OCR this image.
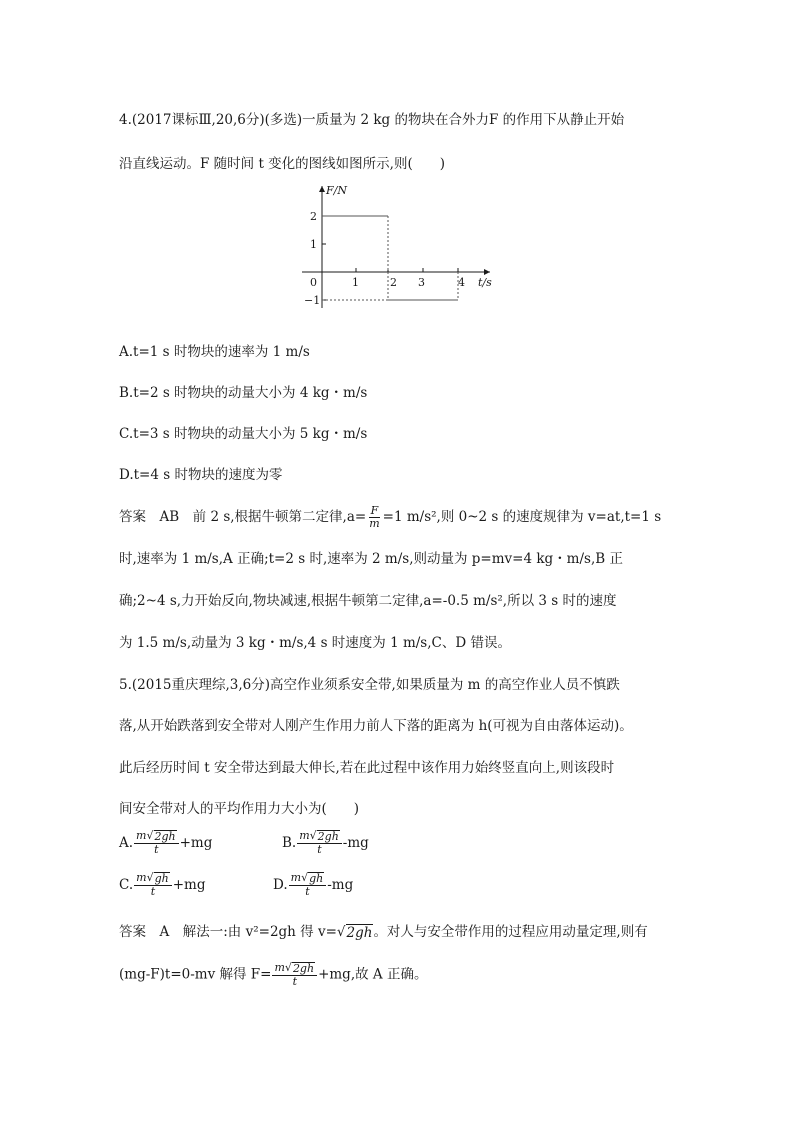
4.(2017课标Ⅲ,20,6分)(多选)一质量为 2 kg 的物块在合外力F 的作用下从静止开始
沿直线运动。F 随时间 t 变化的图线如图所示,则(　　)
F/N
t/s
2
1
−1
0	1	2 3	4
A.t=1 s 时物块的速率为 1 m/s
B.t=2 s 时物块的动量大小为 4 kg・m/s
C.t=3 s 时物块的动量大小为 5 kg・m/s
D.t=4 s 时物块的速度为零
答案　AB　前 2 s,根据牛顿第二定律$,a= \frac{F}{m} =1$ m/s²,则 0~2 s 的速度规律为 v=at,t=1 s
时,速率为 1 m/s,A 正确;t=2 s 时,速率为 2 m/s,则动量为 p=mv=4 kg・m/s,B 正
确;2~4 s,力开始反向,物块减速,根据牛顿第二定律,a=-0.5 m/s²,所以 3 s 时的速度
为 1.5 m/s,动量为 3 kg・m/s,4 s 时速度为 1 m/s,C、D 错误。
5.(2015重庆理综,3,6分)高空作业须系安全带,如果质量为 m 的高空作业人员不慎跌
落,从开始跌落到安全带对人刚产生作用力前人下落的距离为 h(可视为自由落体运动)。
此后经历时间 t 安全带达到最大伸长,若在此过程中该作用力始终竖直向上,则该段时
间安全带对人的平均作用力大小为(　　)
A. $\frac{m√ 2gh}{t} +mg$	B. $\frac{m√ 2gh}{t} -mg$
C. $\frac{m√ gh}{t} +mg$	D. $\frac{m√ gh}{t} -mg$
答案　A　解法一:由 v²=2gh 得 v=√ 2gh 。对人与安全带作用的过程应用动量定理,则有
(mg-F)t=0-mv 解得 $F= \frac{m√ 2gh}{t} +mg$,故 A 正确。
